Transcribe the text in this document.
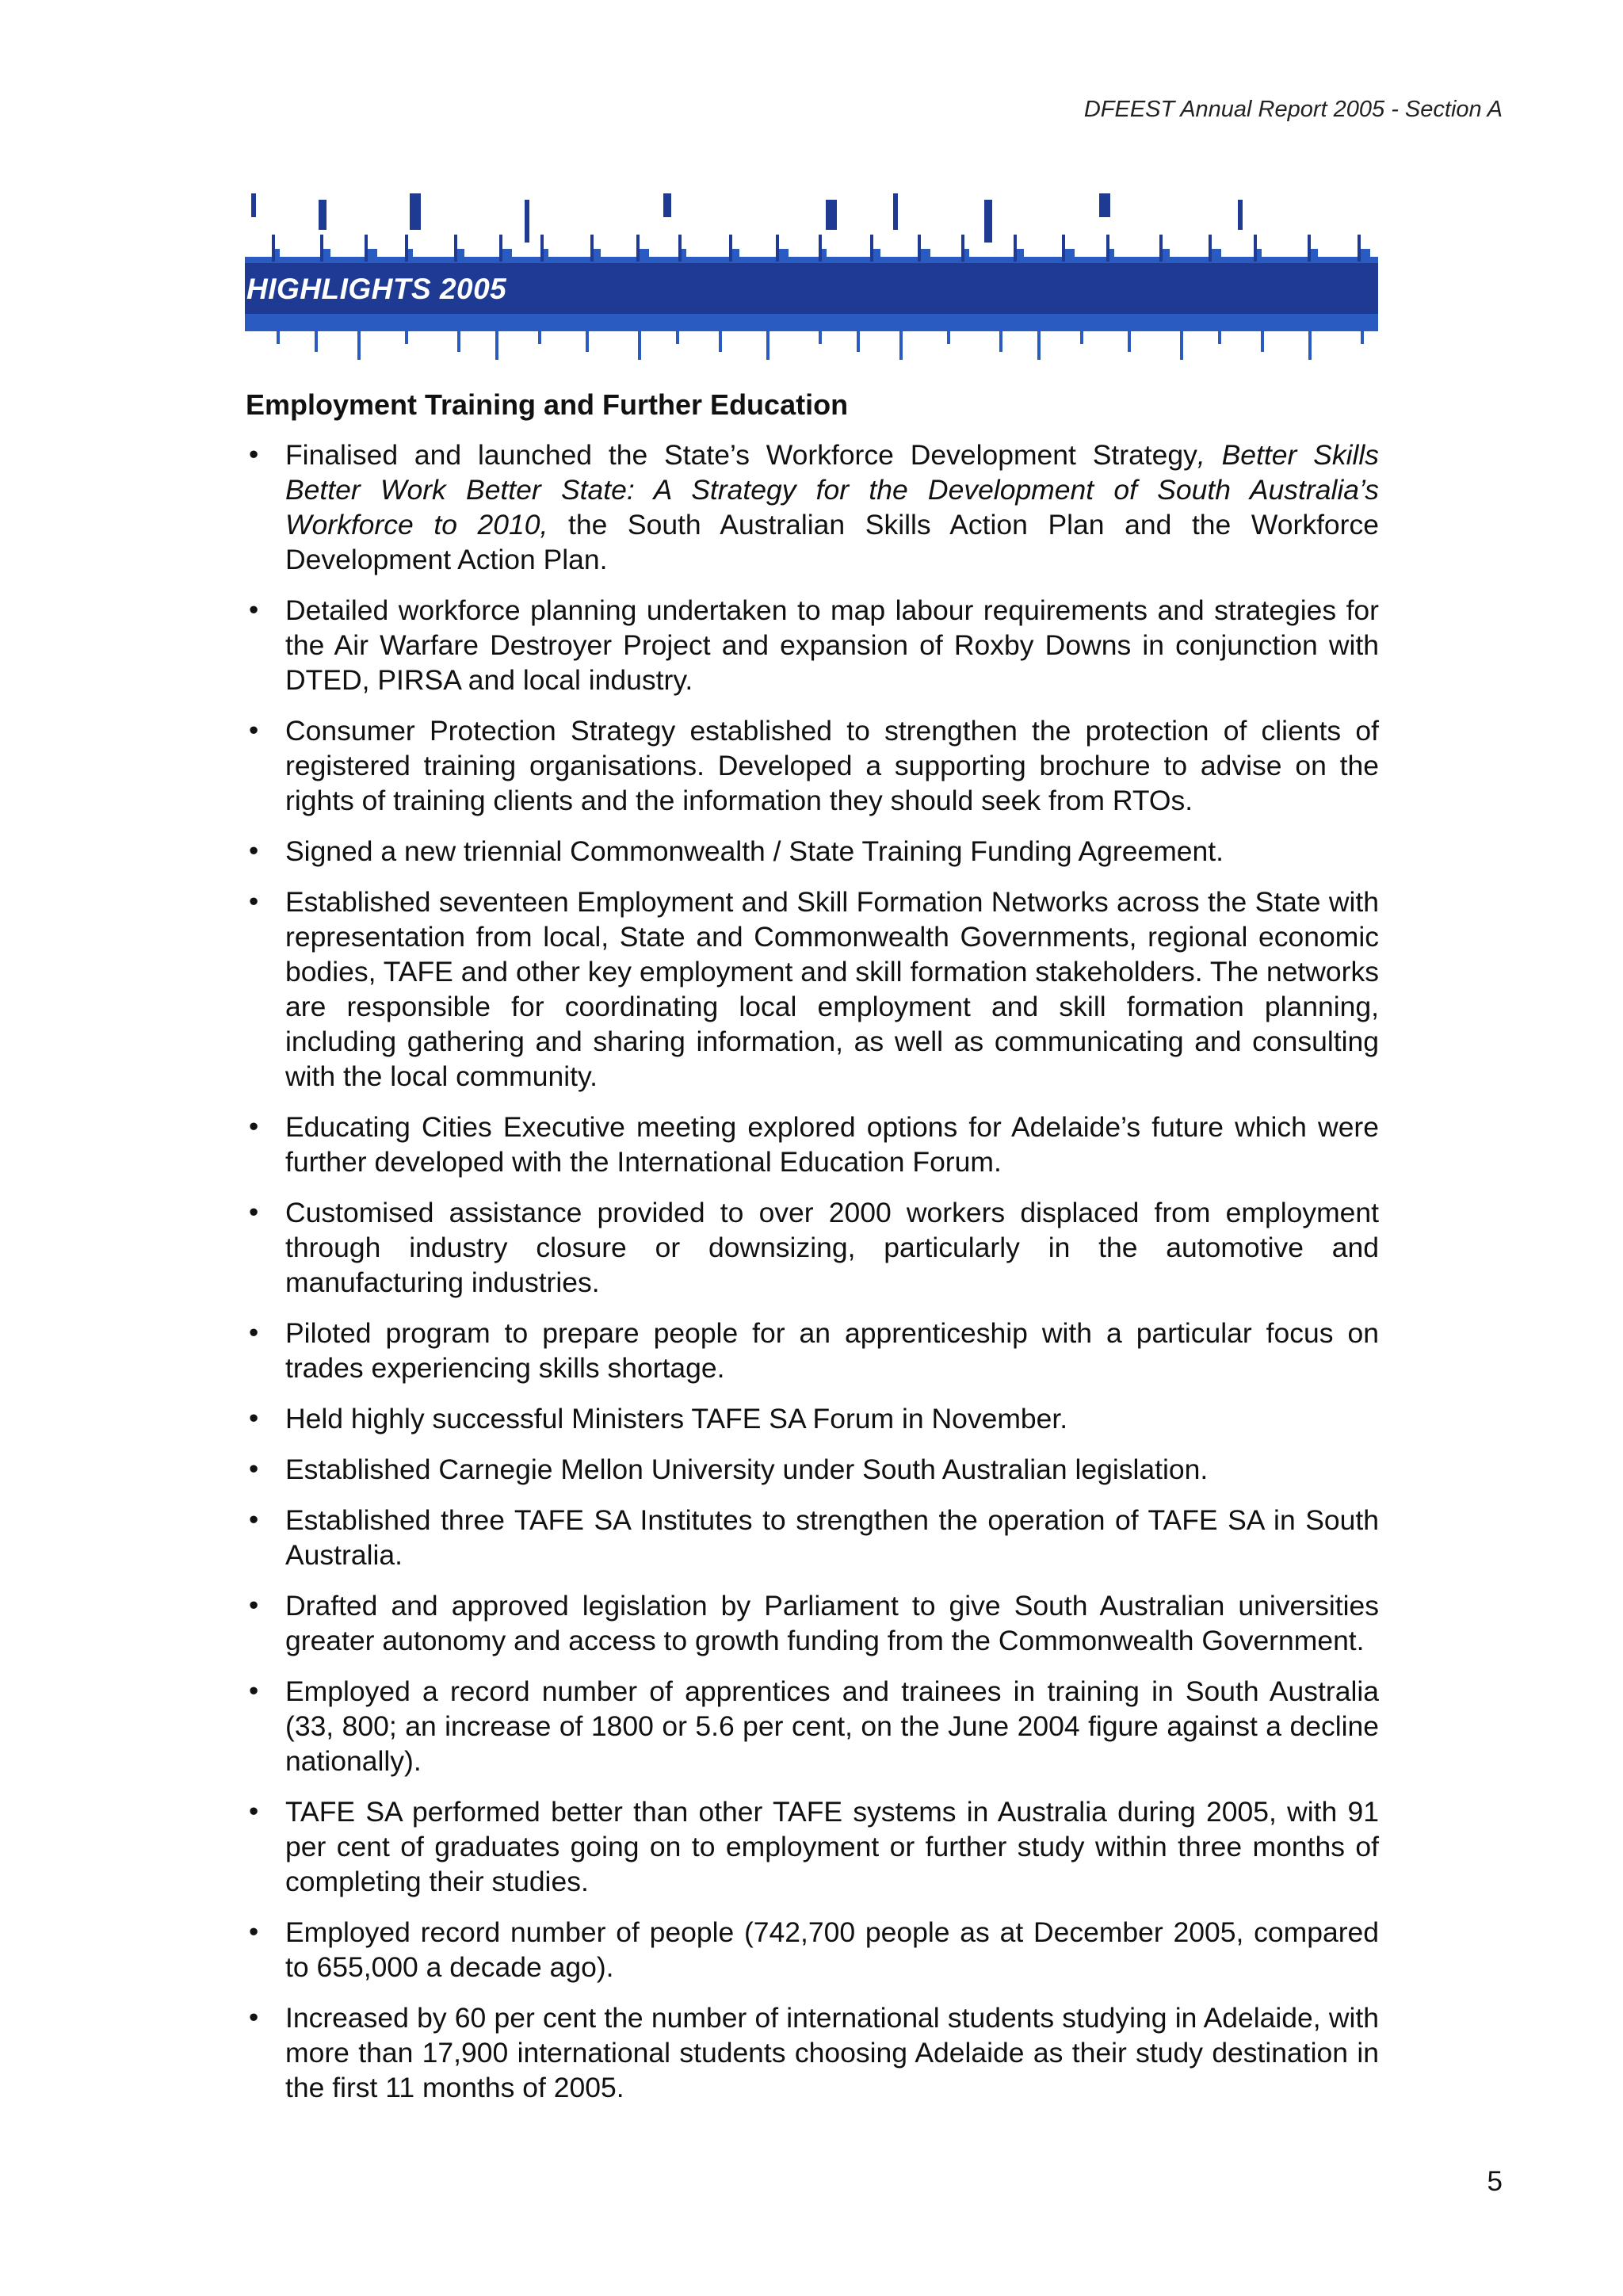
DFEEST Annual Report 2005 - Section A
HIGHLIGHTS 2005
Employment Training and Further Education
• Finalised and launched the State’s Workforce Development Strategy, Better Skills Better Work Better State: A Strategy for the Development of South Australia’s Workforce to 2010, the South Australian Skills Action Plan and the Workforce Development Action Plan.
• Detailed workforce planning undertaken to map labour requirements and strategies for the Air Warfare Destroyer Project and expansion of Roxby Downs in conjunction with DTED, PIRSA and local industry.
• Consumer Protection Strategy established to strengthen the protection of clients of registered training organisations. Developed a supporting brochure to advise on the rights of training clients and the information they should seek from RTOs.
• Signed a new triennial Commonwealth / State Training Funding Agreement.
• Established seventeen Employment and Skill Formation Networks across the State with representation from local, State and Commonwealth Governments, regional economic bodies, TAFE and other key employment and skill formation stakeholders. The networks are responsible for coordinating local employment and skill formation planning, including gathering and sharing information, as well as communicating and consulting with the local community.
• Educating Cities Executive meeting explored options for Adelaide’s future which were further developed with the International Education Forum.
• Customised assistance provided to over 2000 workers displaced from employment through industry closure or downsizing, particularly in the automotive and manufacturing industries.
• Piloted program to prepare people for an apprenticeship with a particular focus on trades experiencing skills shortage.
• Held highly successful Ministers TAFE SA Forum in November.
• Established Carnegie Mellon University under South Australian legislation.
• Established three TAFE SA Institutes to strengthen the operation of TAFE SA in South Australia.
• Drafted and approved legislation by Parliament to give South Australian universities greater autonomy and access to growth funding from the Commonwealth Government.
• Employed a record number of apprentices and trainees in training in South Australia (33, 800; an increase of 1800 or 5.6 per cent, on the June 2004 figure against a decline nationally).
• TAFE SA performed better than other TAFE systems in Australia during 2005, with 91 per cent of graduates going on to employment or further study within three months of completing their studies.
• Employed record number of people (742,700 people as at December 2005, compared to 655,000 a decade ago).
• Increased by 60 per cent the number of international students studying in Adelaide, with more than 17,900 international students choosing Adelaide as their study destination in the first 11 months of 2005.
5
